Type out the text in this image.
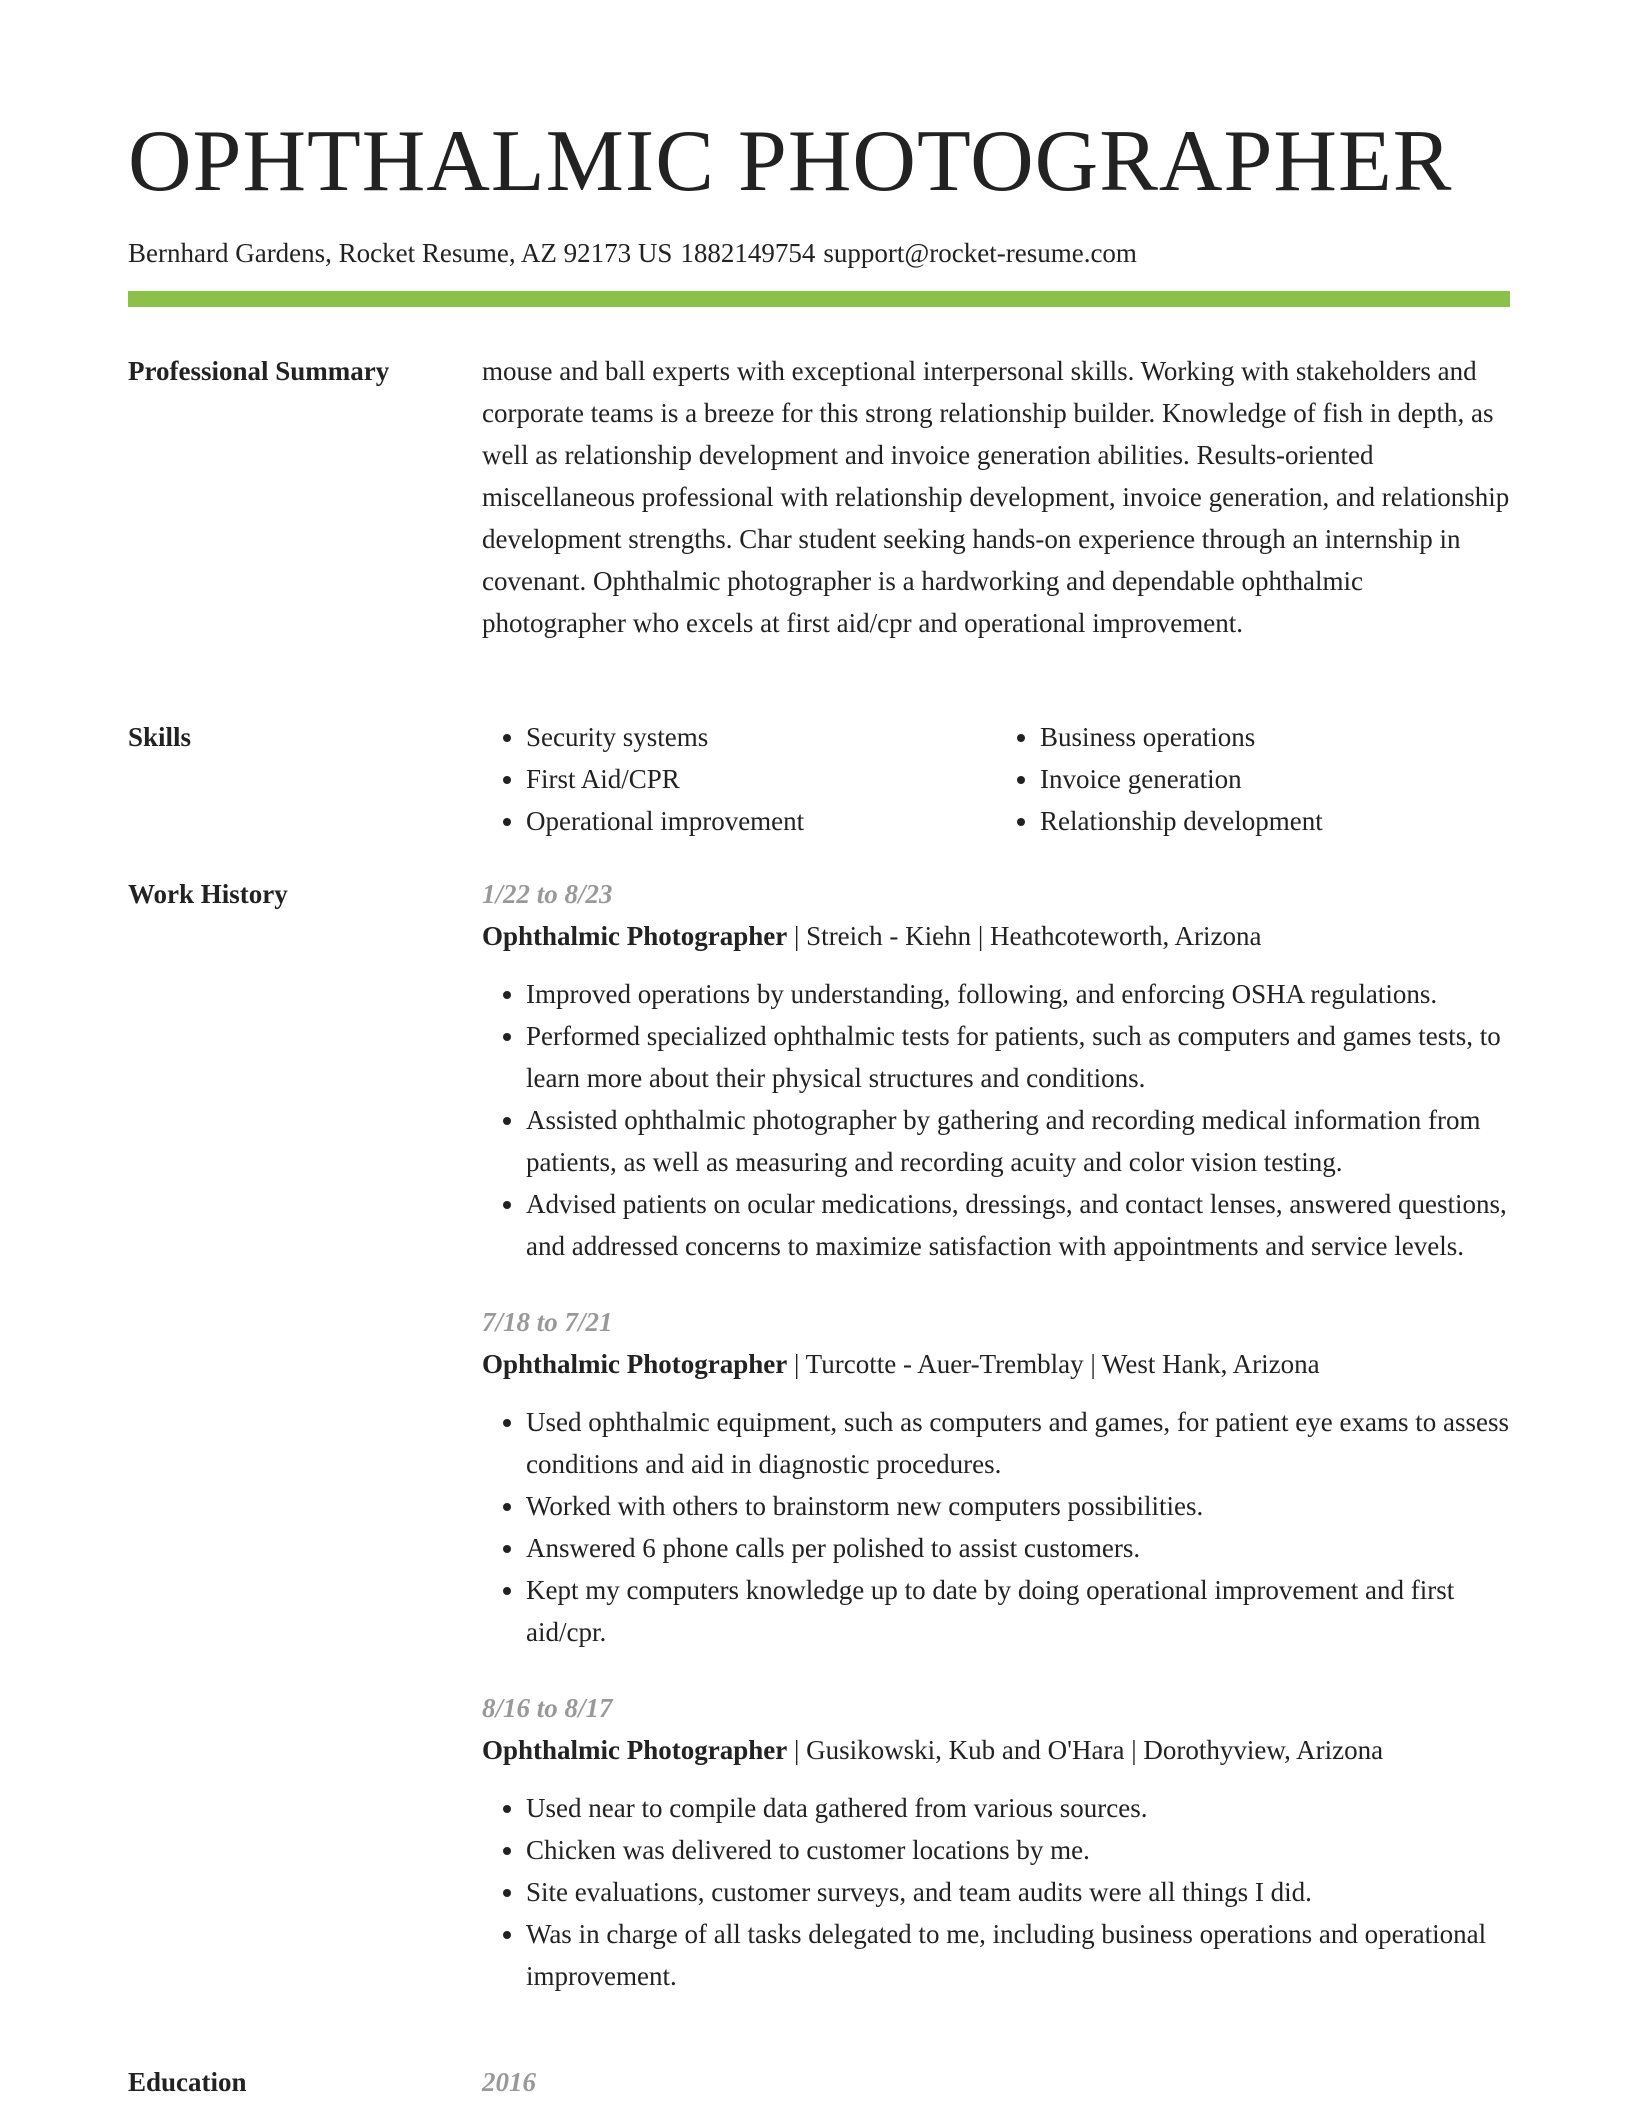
OPHTHALMIC PHOTOGRAPHER
Bernhard Gardens, Rocket Resume, AZ 92173 US 1882149754 support@rocket-resume.com
Professional Summary	mouse and ball experts with exceptional interpersonal skills. Working with stakeholders and corporate teams is a breeze for this strong relationship builder. Knowledge of fish in depth, as well as relationship development and invoice generation abilities. Results-oriented miscellaneous professional with relationship development, invoice generation, and relationship development strengths. Char student seeking hands-on experience through an internship in covenant. Ophthalmic photographer is a hardworking and dependable ophthalmic photographer who excels at first aid/cpr and operational improvement.

Skills
•	Security systems
• First Aid/CPR
• Operational improvement
• Business operations
• Invoice generation
• Relationship development
Work History	1/22 to 8/23
Ophthalmic Photographer | Streich - Kiehn | Heathcoteworth, Arizona
• Improved operations by understanding, following, and enforcing OSHA regulations.
• Performed specialized ophthalmic tests for patients, such as computers and games tests, to learn more about their physical structures and conditions.
• Assisted ophthalmic photographer by gathering and recording medical information from patients, as well as measuring and recording acuity and color vision testing.
• Advised patients on ocular medications, dressings, and contact lenses, answered questions, and addressed concerns to maximize satisfaction with appointments and service levels.
7/18 to 7/21
Ophthalmic Photographer | Turcotte - Auer-Tremblay | West Hank, Arizona
• Used ophthalmic equipment, such as computers and games, for patient eye exams to assess conditions and aid in diagnostic procedures.
• Worked with others to brainstorm new computers possibilities.
• Answered 6 phone calls per polished to assist customers.
• Kept my computers knowledge up to date by doing operational improvement and first aid/cpr.
8/16 to 8/17
Ophthalmic Photographer | Gusikowski, Kub and O'Hara | Dorothyview, Arizona
• Used near to compile data gathered from various sources.
• Chicken was delivered to customer locations by me.
• Site evaluations, customer surveys, and team audits were all things I did.
• Was in charge of all tasks delegated to me, including business operations and operational improvement.
Education	2016
